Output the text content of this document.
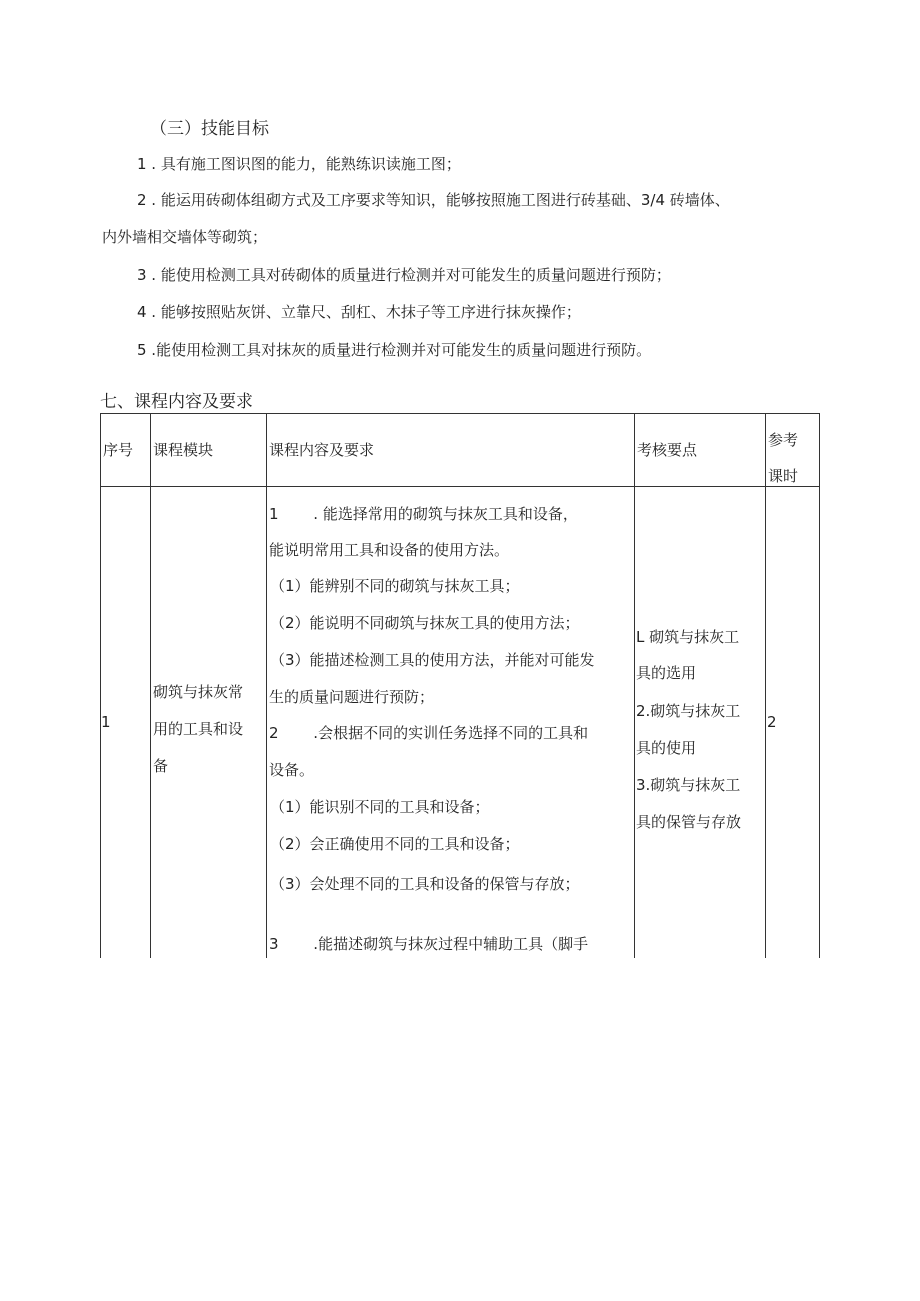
（三）技能目标
1 . 具有施工图识图的能力，能熟练识读施工图；
2 . 能运用砖砌体组砌方式及工序要求等知识，能够按照施工图进行砖基础、3/4 砖墙体、
内外墙相交墙体等砌筑；
3 . 能使用检测工具对砖砌体的质量进行检测并对可能发生的质量问题进行预防；
4 . 能够按照贴灰饼、立靠尺、刮杠、木抹子等工序进行抹灰操作；
5 .能使用检测工具对抹灰的质量进行检测并对可能发生的质量问题进行预防。
七、课程内容及要求
序号 课程模块	课程内容及要求	考核要点
参考
课时
1
砌筑与抹灰常
用的工具和设
备
1　　 . 能选择常用的砌筑与抹灰工具和设备，
能说明常用工具和设备的使用方法。
（1）能辨别不同的砌筑与抹灰工具；
（2）能说明不同砌筑与抹灰工具的使用方法；
（3）能描述检测工具的使用方法，并能对可能发
生的质量问题进行预防；
2　　 .会根据不同的实训任务选择不同的工具和
设备。
（1）能识别不同的工具和设备；
（2）会正确使用不同的工具和设备；
（3）会处理不同的工具和设备的保管与存放；
3　　 .能描述砌筑与抹灰过程中辅助工具（脚手
L 砌筑与抹灰工
具的选用
2.砌筑与抹灰工
具的使用
3.砌筑与抹灰工
具的保管与存放
2
